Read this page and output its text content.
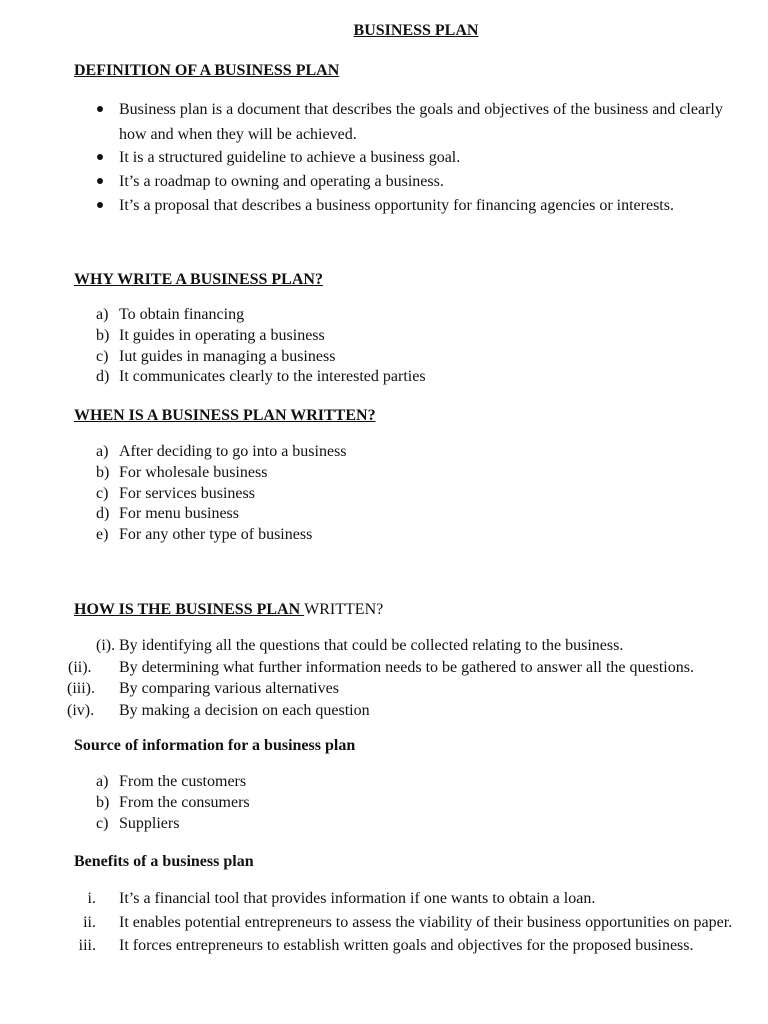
BUSINESS PLAN
DEFINITION OF A BUSINESS PLAN
Business plan is a document that describes the goals and objectives of the business and clearly how and when they will be achieved.
It is a structured guideline to achieve a business goal.
It’s a roadmap to owning and operating a business.
It’s a proposal that describes a business opportunity for financing agencies or interests.
WHY WRITE A BUSINESS PLAN?
a) To obtain financing
b) It guides in operating a business
c) Iut guides in managing a business
d) It communicates clearly to the interested parties
WHEN IS A BUSINESS PLAN WRITTEN?
a) After deciding to go into a business
b) For wholesale business
c) For services business
d) For menu business
e) For any other type of business
HOW IS THE BUSINESS PLAN WRITTEN?
(i). By identifying all the questions that could be collected relating to the business.
(ii). By determining what further information needs to be gathered to answer all the questions.
(iii). By comparing various alternatives
(iv). By making a decision on each question
Source of information for a business plan
a) From the customers
b) From the consumers
c) Suppliers
Benefits of a business plan
i. It’s a financial tool that provides information if one wants to obtain a loan.
ii. It enables potential entrepreneurs to assess the viability of their business opportunities on paper.
iii. It forces entrepreneurs to establish written goals and objectives for the proposed business.
